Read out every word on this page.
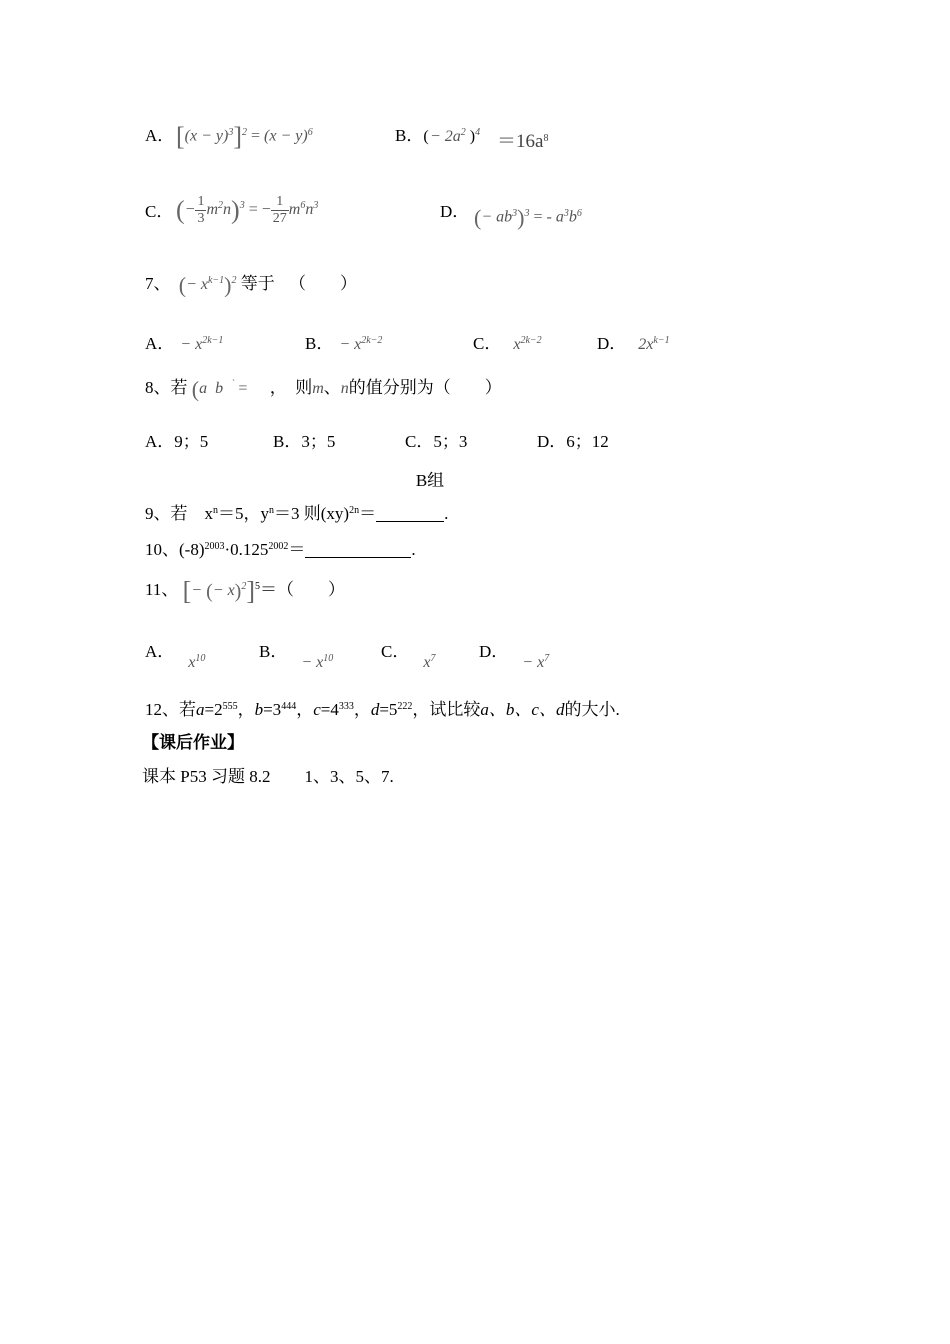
A． $[(x - y)^3]^2 = (x - y)^6$	B．( − $2a^2$ )$^4 =16a^8$
C． (− $\frac{1}{3} m^2n)^3$ = − $\frac{1}{27} m^6n^3$	D． (− $ab^3)^3$ = - $a^3b^6$
7、 (− $x^{k-1})^2$ 等于 （　　）
A． − $x^{2k-1}$	B． − $x^{2k-2}$	C． $x^{2k-2}$	D． $2x^{k-1}$
8、若 (a  b  ` = ，　则m、n的值分别为（　　）
A．9；5	B．3；5	C．5；3	D．6；12
B组
9、若　$x^n=5$，$y^n=3$ 则(xy)$^{2n}$＝	.
10、$(-8)^{2003}\cdot 0.125^{2002}=$	.
11、 [− (− x)$^2$]$^5$＝（　　）
A．$x^{10}$	B．− $x^{10}$	C．$x^7$	D．− $x^7$
12、若$a=2^{555}$，$b=3^{444}$，$c=4^{333}$，$d=5^{222}$，试比较a、b、c、d的大小.
【课后作业】
课本 P53 习题 8.2　　1、3、5、7.
